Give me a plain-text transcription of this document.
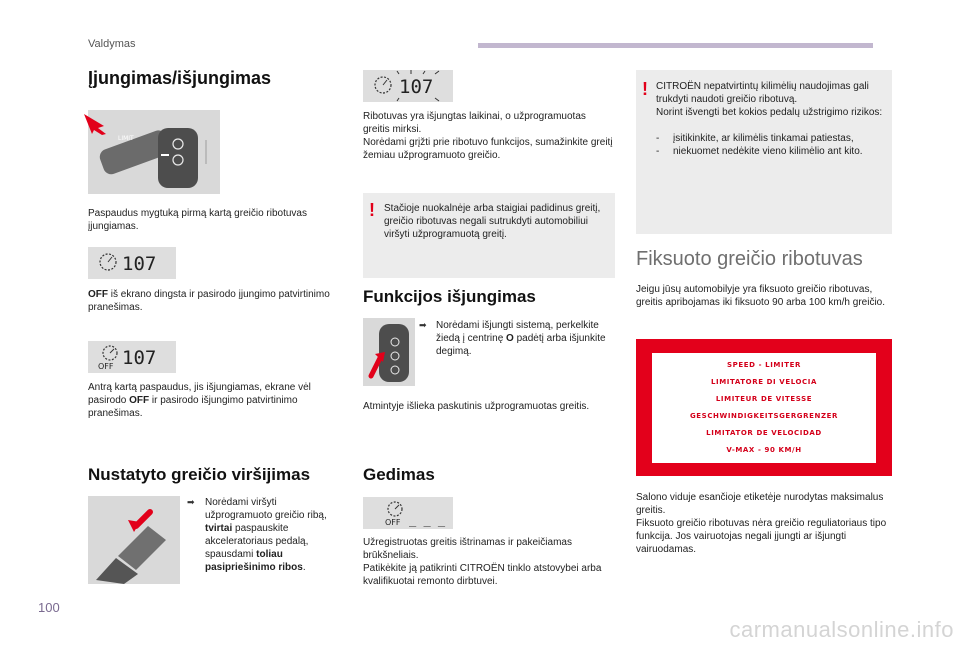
Valdymas
Įjungimas/išjungimas
LIMIT

Paspaudus mygtuką pirmą kartą greičio ribotuvas įjungiamas.

107

OFF iš ekrano dingsta ir pasirodo įjungimo patvirtinimo pranešimas.

OFF 107

Antrą kartą paspaudus, jis išjungiamas, ekrane vėl pasirodo OFF ir pasirodo išjungimo patvirtinimo pranešimas.

Nustatyto greičio viršijimas
➡ Norėdami viršyti užprogramuoto greičio ribą, tvirtai paspauskite akceleratoriaus pedalą, spausdami toliau pasipriešinimo ribos.

107

Ribotuvas yra išjungtas laikinai, o užprogramuotas greitis mirksi.

Norėdami grįžti prie ribotuvo funkcijos, sumažinkite greitį žemiau užprogramuoto greičio.

! Stačioje nuokalnėje arba staigiai padidinus greitį, greičio ribotuvas negali sutrukdyti automobiliui viršyti užprogramuotą greitį.

Funkcijos išjungimas
➡ Norėdami išjungti sistemą, perkelkite žiedą į centrinę O padėtį arba išjunkite degimą.

Atmintyje išlieka paskutinis užprogramuotas greitis.

Gedimas
OFF _ _ _

Užregistruotas greitis ištrinamas ir pakeičiamas brūkšneliais.

Patikėkite ją patikrinti CITROËN tinklo atstovybei arba kvalifikuotai remonto dirbtuvei.

! CITROËN nepatvirtintų kilimėlių naudojimas gali trukdyti naudoti greičio ribotuvą.

Norint išvengti bet kokios pedalų užstrigimo rizikos:

- įsitikinkite, ar kilimėlis tinkamai patiestas,

- niekuomet nedėkite vieno kilimėlio ant kito.

Fiksuoto greičio ribotuvas

Jeigu jūsų automobilyje yra fiksuoto greičio ribotuvas, greitis apribojamas iki fiksuoto 90 arba 100 km/h greičio.

SPEED - LIMITER
LIMITATORE DI VELOCIA
LIMITEUR DE VITESSE
GESCHWINDIGKEITSGERGRENZER
LIMITATOR DE VELOCIDAD
V-MAX - 90 KM/H

Salono viduje esančioje etiketėje nurodytas maksimalus greitis.

Fiksuoto greičio ribotuvas nėra greičio reguliatoriaus tipo funkcija. Jos vairuotojas negali įjungti ar išjungti vairuodamas.

100
carmanualsonline.info
